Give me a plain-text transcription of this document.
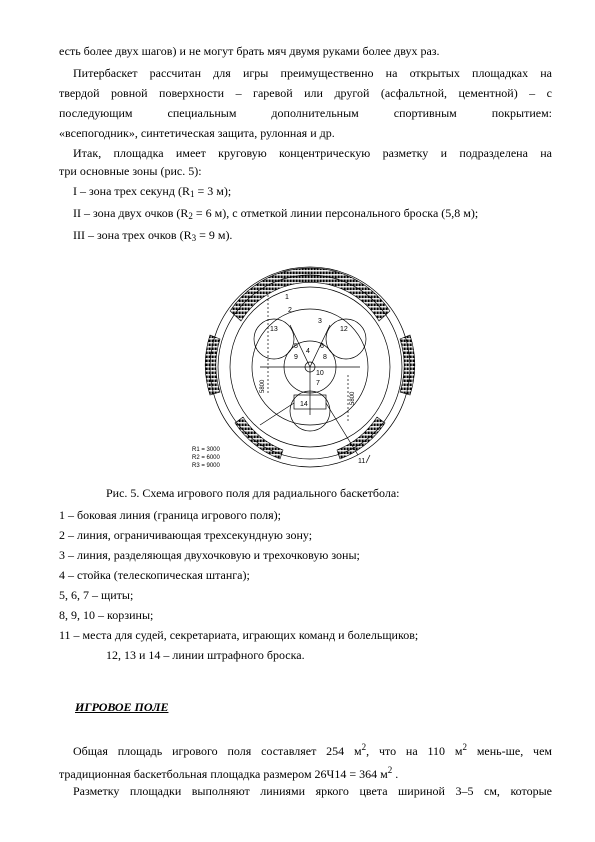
есть более двух шагов) и не могут брать мяч двумя руками более двух раз.
Питербаскет рассчитан для игры преимущественно на открытых площадках на
твердой ровной поверхности – гаревой или другой (асфальтной, цементной) – с
последующим специальным дополнительным спортивным покрытием:
«всепогодник», синтетическая защита, рулонная и др.
Итак, площадка имеет круговую концентрическую разметку и подразделена на
три основные зоны (рис. 5):
I – зона трех секунд ($R_1 = 3$ м);
II – зона двух очков ($R_2 = 6$ м), с отметкой линии персонального броска (5,8 м);
III – зона трех очков ($R_3 = 9$ м).
1
2
3
4
5	6
7
8
9
10
11
12
13
14
5800
5800
R1 = 3000
R2 = 6000
R3 = 9000
Рис. 5. Схема игрового поля для радиального баскетбола:
1 – боковая линия (граница игрового поля);
2 – линия, ограничивающая трехсекундную зону;
3 – линия, разделяющая двухочковую и трехочковую зоны;
4 – стойка (телескопическая штанга);
5, 6, 7 – щиты;
8, 9, 10 – корзины;
11 – места для судей, секретариата, играющих команд и болельщиков;
12, 13 и 14 – линии штрафного броска.
ИГРОВОЕ ПОЛЕ
Общая площадь игрового поля составляет 254 $м^2$, что на 110 $м^2$ мень-ше, чем
традиционная баскетбольная площадка размером 26Ч14 = 364 $м^2$ .
Разметку площадки выполняют линиями яркого цвета шириной 3–5 см, которые
